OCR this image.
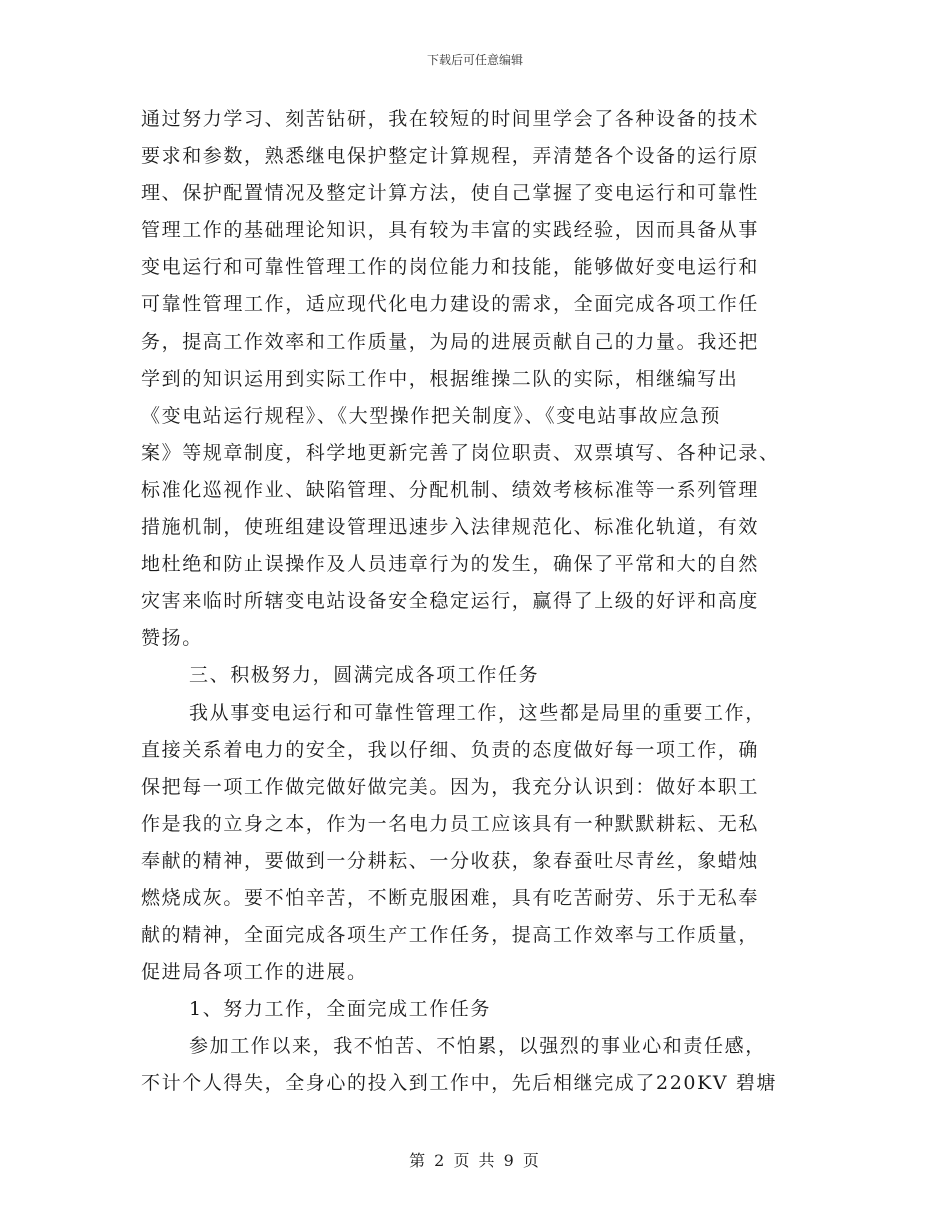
下载后可任意编辑
通过努力学习、刻苦钻研，我在较短的时间里学会了各种设备的技术
要求和参数，熟悉继电保护整定计算规程，弄清楚各个设备的运行原
理、保护配置情况及整定计算方法，使自己掌握了变电运行和可靠性
管理工作的基础理论知识，具有较为丰富的实践经验，因而具备从事
变电运行和可靠性管理工作的岗位能力和技能，能够做好变电运行和
可靠性管理工作，适应现代化电力建设的需求，全面完成各项工作任
务，提高工作效率和工作质量，为局的进展贡献自己的力量。我还把
学到的知识运用到实际工作中，根据维操二队的实际，相继编写出
《变电站运行规程》、《大型操作把关制度》、《变电站事故应急预
案》等规章制度，科学地更新完善了岗位职责、双票填写、各种记录、
标准化巡视作业、缺陷管理、分配机制、绩效考核标准等一系列管理
措施机制，使班组建设管理迅速步入法律规范化、标准化轨道，有效
地杜绝和防止误操作及人员违章行为的发生，确保了平常和大的自然
灾害来临时所辖变电站设备安全稳定运行，赢得了上级的好评和高度
赞扬。
三、积极努力，圆满完成各项工作任务
我从事变电运行和可靠性管理工作，这些都是局里的重要工作，
直接关系着电力的安全，我以仔细、负责的态度做好每一项工作，确
保把每一项工作做完做好做完美。因为，我充分认识到：做好本职工
作是我的立身之本，作为一名电力员工应该具有一种默默耕耘、无私
奉献的精神，要做到一分耕耘、一分收获，象春蚕吐尽青丝，象蜡烛
燃烧成灰。要不怕辛苦，不断克服困难，具有吃苦耐劳、乐于无私奉
献的精神，全面完成各项生产工作任务，提高工作效率与工作质量，
促进局各项工作的进展。
1、努力工作，全面完成工作任务
参加工作以来，我不怕苦、不怕累，以强烈的事业心和责任感，
不计个人得失，全身心的投入到工作中，先后相继完成了220KV 碧塘
第 2 页 共 9 页
